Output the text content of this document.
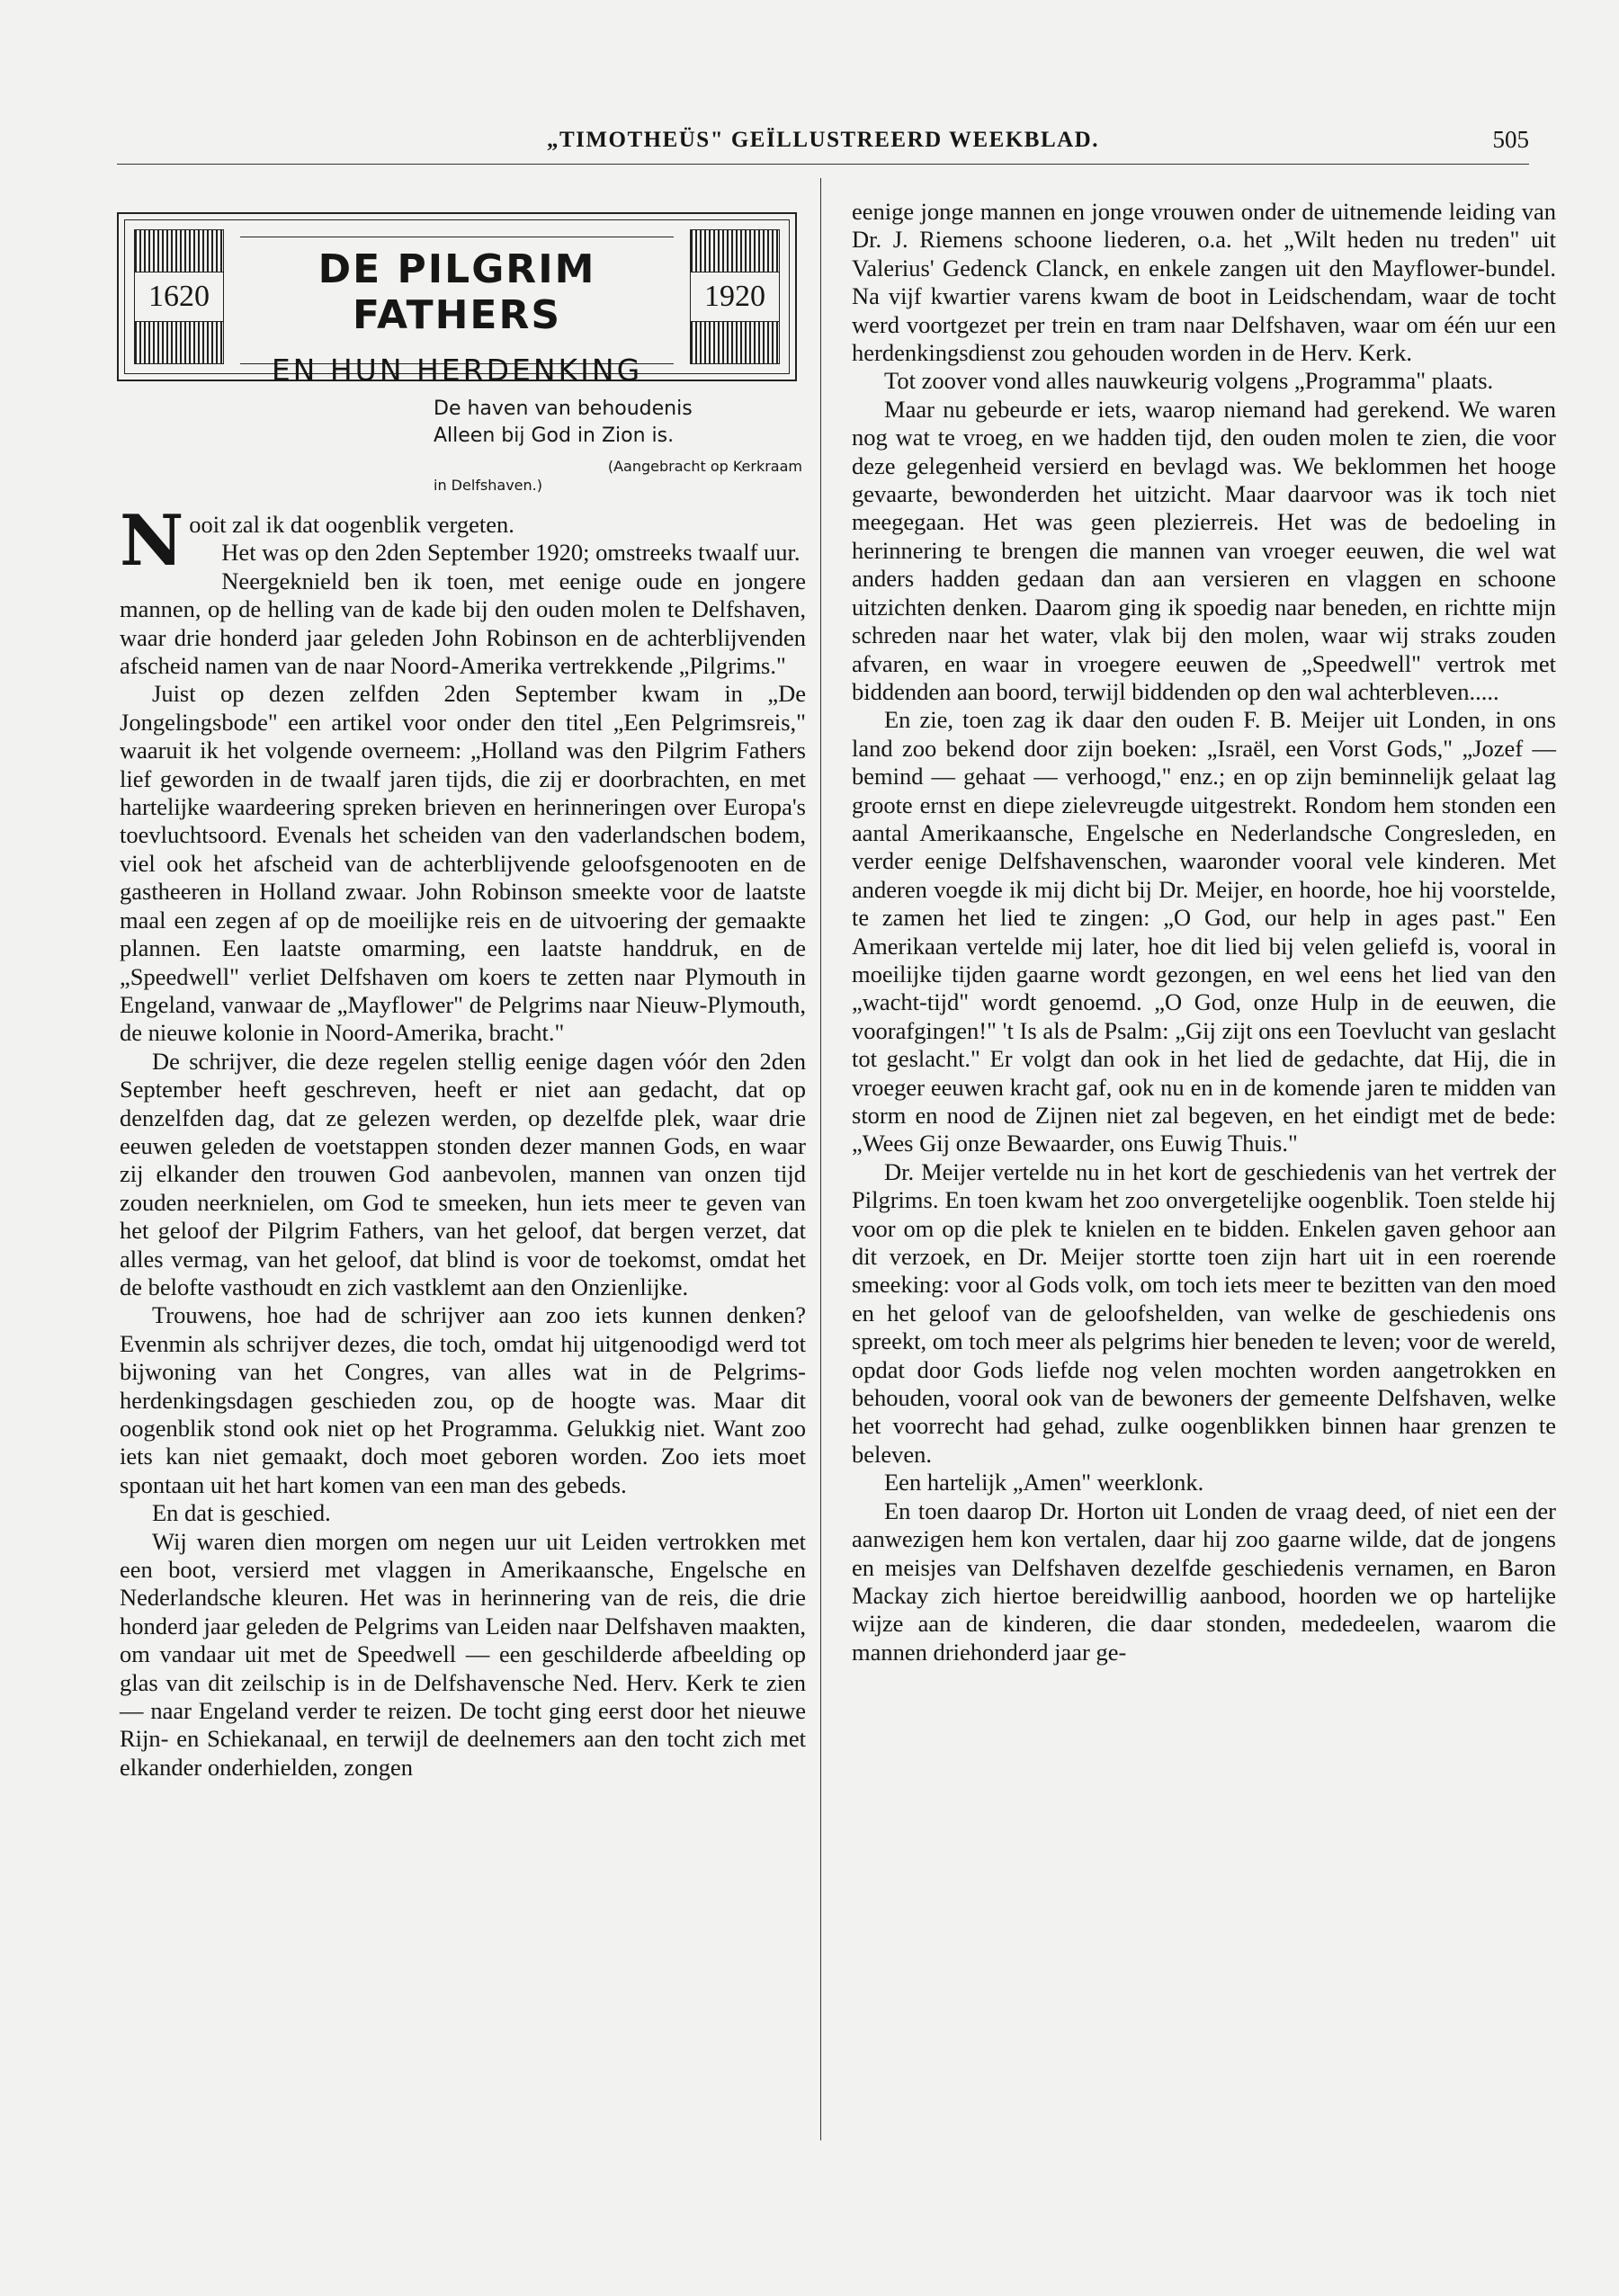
„TIMOTHEÜS" GEÏLLUSTREERD WEEKBLAD.	505
1620
DE PILGRIM FATHERS
EN HUN HERDENKING
1920
De haven van behoudenis
Alleen bij God in Zion is.
(Aangebracht op Kerkraam
in Delfshaven.)

Nooit zal ik dat oogenblik vergeten.

Het was op den 2den September 1920; omstreeks twaalf uur.

Neergeknield ben ik toen, met eenige oude en jongere mannen, op de helling van de kade bij den ouden molen te Delfshaven, waar drie honderd jaar geleden John Robinson en de achterblijvenden afscheid namen van de naar Noord-Amerika vertrekkende „Pilgrims."

Juist op dezen zelfden 2den September kwam in „De Jongelingsbode" een artikel voor onder den titel „Een Pelgrimsreis," waaruit ik het volgende overneem: „Holland was den Pilgrim Fathers lief geworden in de twaalf jaren tijds, die zij er doorbrachten, en met hartelijke waardeering spreken brieven en herinneringen over Europa's toevluchtsoord. Evenals het scheiden van den vaderlandschen bodem, viel ook het afscheid van de achterblijvende geloofsgenooten en de gastheeren in Holland zwaar. John Robinson smeekte voor de laatste maal een zegen af op de moeilijke reis en de uitvoering der gemaakte plannen. Een laatste omarming, een laatste handdruk, en de „Speedwell" verliet Delfshaven om koers te zetten naar Plymouth in Engeland, vanwaar de „Mayflower" de Pelgrims naar Nieuw-Plymouth, de nieuwe kolonie in Noord-Amerika, bracht."

De schrijver, die deze regelen stellig eenige dagen vóór den 2den September heeft geschreven, heeft er niet aan gedacht, dat op denzelfden dag, dat ze gelezen werden, op dezelfde plek, waar drie eeuwen geleden de voetstappen stonden dezer mannen Gods, en waar zij elkander den trouwen God aanbevolen, mannen van onzen tijd zouden neerknielen, om God te smeeken, hun iets meer te geven van het geloof der Pilgrim Fathers, van het geloof, dat bergen verzet, dat alles vermag, van het geloof, dat blind is voor de toekomst, omdat het de belofte vasthoudt en zich vastklemt aan den Onzienlijke.

Trouwens, hoe had de schrijver aan zoo iets kunnen denken? Evenmin als schrijver dezes, die toch, omdat hij uitgenoodigd werd tot bijwoning van het Congres, van alles wat in de Pelgrims-herdenkingsdagen geschieden zou, op de hoogte was. Maar dit oogenblik stond ook niet op het Programma. Gelukkig niet. Want zoo iets kan niet gemaakt, doch moet geboren worden. Zoo iets moet spontaan uit het hart komen van een man des gebeds.

En dat is geschied.

Wij waren dien morgen om negen uur uit Leiden vertrokken met een boot, versierd met vlaggen in Amerikaansche, Engelsche en Nederlandsche kleuren. Het was in herinnering van de reis, die drie honderd jaar geleden de Pelgrims van Leiden naar Delfshaven maakten, om vandaar uit met de Speedwell — een geschilderde afbeelding op glas van dit zeilschip is in de Delfshavensche Ned. Herv. Kerk te zien — naar Engeland verder te reizen. De tocht ging eerst door het nieuwe Rijn- en Schiekanaal, en terwijl de deelnemers aan den tocht zich met elkander onderhielden, zongen

eenige jonge mannen en jonge vrouwen onder de uitnemende leiding van Dr. J. Riemens schoone liederen, o.a. het „Wilt heden nu treden" uit Valerius' Gedenck Clanck, en enkele zangen uit den Mayflower-bundel. Na vijf kwartier varens kwam de boot in Leidschendam, waar de tocht werd voortgezet per trein en tram naar Delfshaven, waar om één uur een herdenkingsdienst zou gehouden worden in de Herv. Kerk.

Tot zoover vond alles nauwkeurig volgens „Programma" plaats.

Maar nu gebeurde er iets, waarop niemand had gerekend. We waren nog wat te vroeg, en we hadden tijd, den ouden molen te zien, die voor deze gelegenheid versierd en bevlagd was. We beklommen het hooge gevaarte, bewonderden het uitzicht. Maar daarvoor was ik toch niet meegegaan. Het was geen plezierreis. Het was de bedoeling in herinnering te brengen die mannen van vroeger eeuwen, die wel wat anders hadden gedaan dan aan versieren en vlaggen en schoone uitzichten denken. Daarom ging ik spoedig naar beneden, en richtte mijn schreden naar het water, vlak bij den molen, waar wij straks zouden afvaren, en waar in vroegere eeuwen de „Speedwell" vertrok met biddenden aan boord, terwijl biddenden op den wal achterbleven.....

En zie, toen zag ik daar den ouden F. B. Meijer uit Londen, in ons land zoo bekend door zijn boeken: „Israël, een Vorst Gods," „Jozef — bemind — gehaat — verhoogd," enz.; en op zijn beminnelijk gelaat lag groote ernst en diepe zielevreugde uitgestrekt. Rondom hem stonden een aantal Amerikaansche, Engelsche en Nederlandsche Congresleden, en verder eenige Delfshavenschen, waaronder vooral vele kinderen. Met anderen voegde ik mij dicht bij Dr. Meijer, en hoorde, hoe hij voorstelde, te zamen het lied te zingen: „O God, our help in ages past." Een Amerikaan vertelde mij later, hoe dit lied bij velen geliefd is, vooral in moeilijke tijden gaarne wordt gezongen, en wel eens het lied van den „wacht-tijd" wordt genoemd. „O God, onze Hulp in de eeuwen, die voorafgingen!" 't Is als de Psalm: „Gij zijt ons een Toevlucht van geslacht tot geslacht." Er volgt dan ook in het lied de gedachte, dat Hij, die in vroeger eeuwen kracht gaf, ook nu en in de komende jaren te midden van storm en nood de Zijnen niet zal begeven, en het eindigt met de bede: „Wees Gij onze Bewaarder, ons Euwig Thuis."

Dr. Meijer vertelde nu in het kort de geschiedenis van het vertrek der Pilgrims. En toen kwam het zoo onvergetelijke oogenblik. Toen stelde hij voor om op die plek te knielen en te bidden. Enkelen gaven gehoor aan dit verzoek, en Dr. Meijer stortte toen zijn hart uit in een roerende smeeking: voor al Gods volk, om toch iets meer te bezitten van den moed en het geloof van de geloofshelden, van welke de geschiedenis ons spreekt, om toch meer als pelgrims hier beneden te leven; voor de wereld, opdat door Gods liefde nog velen mochten worden aangetrokken en behouden, vooral ook van de bewoners der gemeente Delfshaven, welke het voorrecht had gehad, zulke oogenblikken binnen haar grenzen te beleven.

Een hartelijk „Amen" weerklonk.

En toen daarop Dr. Horton uit Londen de vraag deed, of niet een der aanwezigen hem kon vertalen, daar hij zoo gaarne wilde, dat de jongens en meisjes van Delfshaven dezelfde geschiedenis vernamen, en Baron Mackay zich hiertoe bereidwillig aanbood, hoorden we op hartelijke wijze aan de kinderen, die daar stonden, mededeelen, waarom die mannen driehonderd jaar ge-
